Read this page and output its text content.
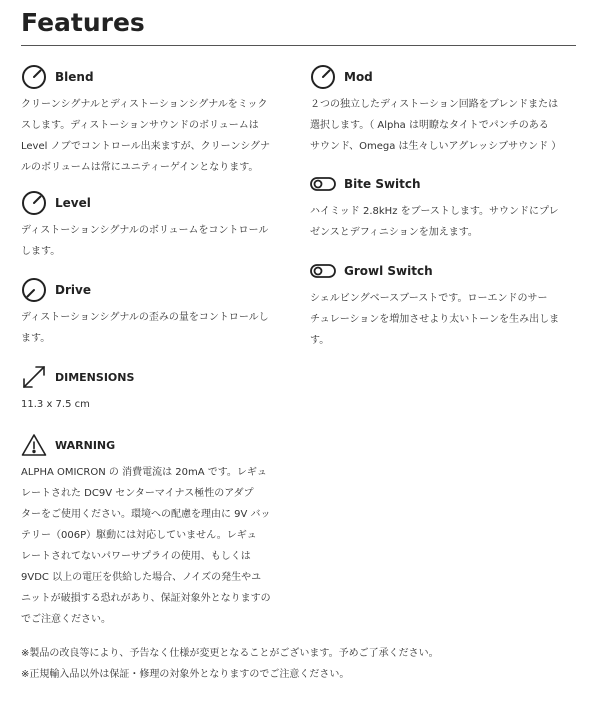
Features
Blend
クリーンシグナルとディストーションシグナルをミック
スします。ディストーションサウンドのボリュームは
Level ノブでコントロール出来ますが、クリーンシグナ
ルのボリュームは常にユニティーゲインとなります。
Level
ディストーションシグナルのボリュームをコントロール
します。
Drive
ディストーションシグナルの歪みの量をコントロールし
ます。
DIMENSIONS
11.3 x 7.5 cm
WARNING
ALPHA OMICRON の 消費電流は 20mA です。レギュ
レートされた DC9V センターマイナス極性のアダプ
ターをご使用ください。環境への配慮を理由に 9V バッ
テリー（006P）駆動には対応していません。レギュ
レートされてないパワーサプライの使用、もしくは
9VDC 以上の電圧を供給した場合、ノイズの発生やユ
ニットが破損する恐れがあり、保証対象外となりますの
でご注意ください。
Mod
２つの独立したディストーション回路をブレンドまたは
選択します。（ Alpha は明瞭なタイトでパンチのある
サウンド、Omega は生々しいアグレッシブサウンド ）
Bite Switch
ハイミッド 2.8kHz をブーストします。サウンドにプレ
ゼンスとデフィニションを加えます。
Growl Switch
シェルビングベースブーストです。ローエンドのサー
チュレーションを増加させより太いトーンを生み出しま
す。
※製品の改良等により、予告なく仕様が変更となることがございます。予めご了承ください。
※正規輸入品以外は保証・修理の対象外となりますのでご注意ください。
